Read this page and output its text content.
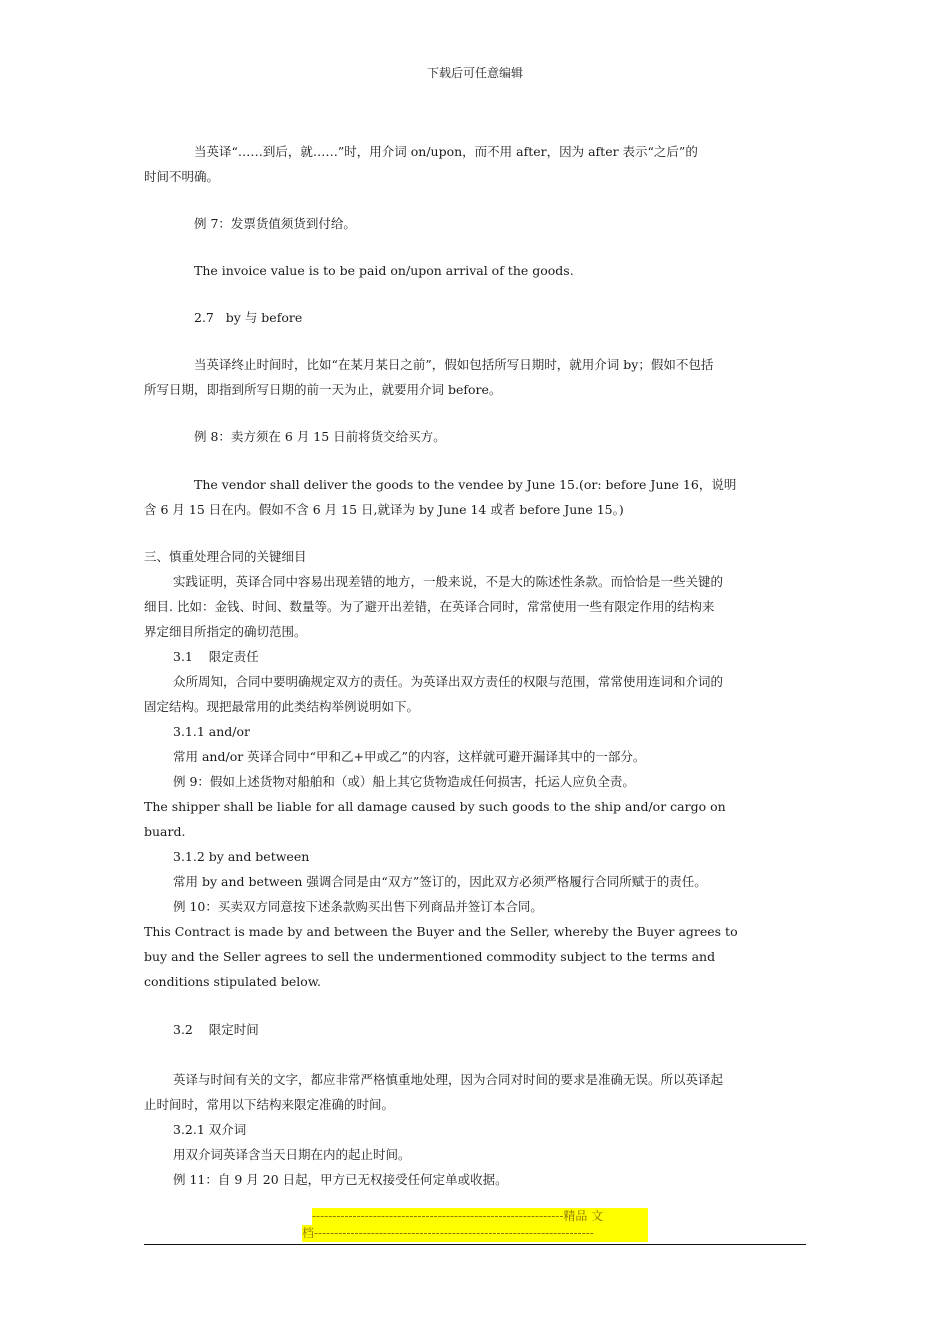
下载后可任意编辑
当英译“……到后，就……”时，用介词 on/upon，而不用 after，因为 after 表示“之后”的
时间不明确。
例 7：发票货值须货到付给。
The invoice value is to be paid on/upon arrival of the goods.
2.7   by 与 before
当英译终止时间时，比如“在某月某日之前”，假如包括所写日期时，就用介词 by；假如不包括
所写日期，即指到所写日期的前一天为止，就要用介词 before。
例 8：卖方须在 6 月 15 日前将货交给买方。
The vendor shall deliver the goods to the vendee by June 15.(or: before June 16，说明
含 6 月 15 日在内。假如不含 6 月 15 日,就译为 by June 14 或者 before June 15。)
三、慎重处理合同的关键细目
实践证明，英译合同中容易出现差错的地方，一般来说，不是大的陈述性条款。而恰恰是一些关键的
细目. 比如：金钱、时间、数量等。为了避开出差错，在英译合同时，常常使用一些有限定作用的结构来
界定细目所指定的确切范围。
3.1    限定责任
众所周知，合同中要明确规定双方的责任。为英译出双方责任的权限与范围，常常使用连词和介词的
固定结构。现把最常用的此类结构举例说明如下。
3.1.1 and/or
常用 and/or 英译合同中“甲和乙+甲或乙”的内容，这样就可避开漏译其中的一部分。
例 9：假如上述货物对船舶和（或）船上其它货物造成任何损害，托运人应负全责。
The shipper shall be liable for all damage caused by such goods to the ship and/or cargo on
buard.
3.1.2 by and between
常用 by and between 强调合同是由“双方”签订的，因此双方必须严格履行合同所赋于的责任。
例 10：买卖双方同意按下述条款购买出售下列商品并签订本合同。
This Contract is made by and between the Buyer and the Seller, whereby the Buyer agrees to
buy and the Seller agrees to sell the undermentioned commodity subject to the terms and
conditions stipulated below.
3.2    限定时间
英译与时间有关的文字，都应非常严格慎重地处理，因为合同对时间的要求是准确无误。所以英译起
止时间时，常用以下结构来限定准确的时间。
3.2.1 双介词
用双介词英译含当天日期在内的起止时间。
例 11：自 9 月 20 日起，甲方已无权接受任何定单或收据。
--------------------------------------------------------------精品 文
档---------------------------------------------------------------------
